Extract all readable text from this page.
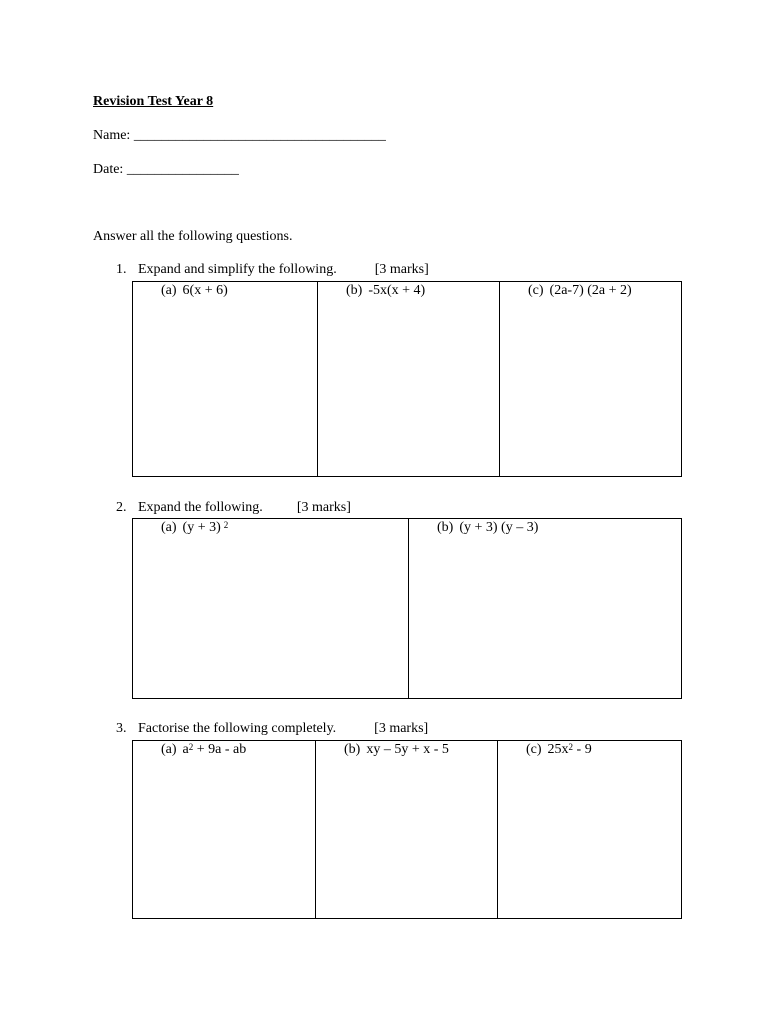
Revision Test Year 8
Name: ____________________________________
Date: ________________
Answer all the following questions.
1. Expand and simplify the following.	[3 marks]
(a) 6(x + 6)	(b) -5x(x + 4)	(c) (2a-7) (2a + 2)
2. Expand the following. [3 marks]
(a) (y + 3) $^2$	(b) (y + 3) (y – 3)
3. Factorise the following completely.	[3 marks]
(a) $a^2 + 9a$ - ab	(b) xy – 5y + x - 5	(c) $25x^2 - 9$
